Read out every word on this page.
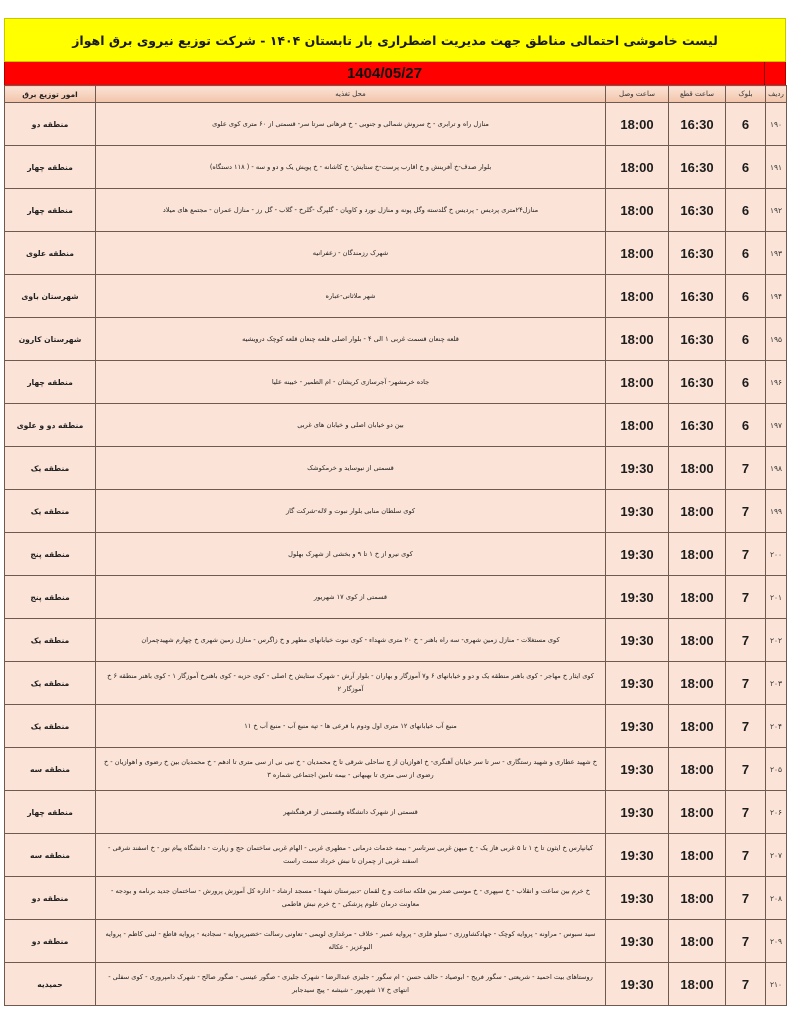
لیست خاموشی احتمالی مناطق جهت مدیریت اضطراری بار تابستان ۱۴۰۴ - شرکت توزیع نیروی برق اهواز
1404/05/27
ردیف	بلوک	ساعت قطع	ساعت وصل	محل تغذیه	امور توزیع برق
۱۹۰	6	16:30	18:00	منازل راه و ترابری - خ سروش شمالی و جنوبی - خ فرهانی سرتا سر- قسمتی از ۶۰ متری کوی علوی	منطقه دو
۱۹۱	6	16:30	18:00	بلوار صدف-خ آفرینش و خ اقارب پرست-خ ستایش- خ کاشانه - خ پویش یک و دو و سه - ( ۱۱۸ دستگاه)	منطقه چهار
۱۹۲	6	16:30	18:00	منازل۲۴متری پردیس - پردیس خ گلدسته وگل پونه و منازل نورد و کاویان - گلپرگ -گلرخ - گلاب - گل رز - منازل عمران - مجتمع های میلاد	منطقه چهار
۱۹۳	6	16:30	18:00	شهرک رزمندگان - زعفرانیه	منطقه علوی
۱۹۴	6	16:30	18:00	شهر ملاثانی-عباره	شهرستان باوی
۱۹۵	6	16:30	18:00	قلعه چنعان قسمت غربی ۱ الی ۴ - بلوار اصلی قلعه چنعان قلعه کوچک درویشیه	شهرستان کارون
۱۹۶	6	16:30	18:00	جاده خرمشهر- آجرسازی کریشان - ام الطمیر - خیینه علیا	منطقه چهار
۱۹۷	6	16:30	18:00	بین دو خیابان اصلی و خیابان های غربی	منطقه دو و علوی
۱۹۸	7	18:00	19:30	قسمتی از نیوساید و خرمکوشک	منطقه یک
۱۹۹	7	18:00	19:30	کوی سلطان منابی بلوار نبوت و لاله-شرکت گاز	منطقه یک
۲۰۰	7	18:00	19:30	کوی نیرو از خ ۱ تا ۹ و بخشی از شهرک بهلول	منطقه پنج
۲۰۱	7	18:00	19:30	قسمتی از کوی ۱۷ شهریور	منطقه پنج
۲۰۲	7	18:00	19:30	کوی مستغلات - منازل زمین شهری- سه راه باهنر - خ ۲۰ متری شهداء - کوی نبوت خیابانهای مطهر و خ زاگرس - منازل زمین شهری خ چهارم شهیدچمران	منطقه یک
۲۰۳	7	18:00	19:30	کوی ایثار خ مهاجر - کوی باهنر منطقه یک و دو و خیابانهای ۶ و۷ آموزگار و بهاران - بلوار آرش - شهرک ستایش خ اصلی - کوی حزبه - کوی باهنرخ آموزگار ۱ - کوی باهنر منطقه ۶ خ آموزگار ۲	منطقه یک
۲۰۴	7	18:00	19:30	منبع آب خیابانهای ۱۲ متری اول ودوم با فرعی ها - تپه منبع آب - منبع آب خ ۱۱	منطقه یک
۲۰۵	7	18:00	19:30	خ شهید عطاری و شهید رستگاری - سر تا سر خیابان آهنگری- خ اهوازیان از چ ساحلی شرقی تا خ محمدیان - خ نبی نی از سی متری تا ادهم - خ محمدیان بین خ رضوی و اهوازیان - خ رضوی از سی متری تا بهبهانی - بیمه تامین اجتماعی شماره ۳	منطقه سه
۲۰۶	7	18:00	19:30	قسمتی از شهرک دانشگاه وقسمتی از فرهنگشهر	منطقه چهار
۲۰۷	7	18:00	19:30	کیانپارس خ ایثون تا خ ۱ تا ۵ غربی فاز یک - خ میهن غربی سرتاسر - بیمه خدمات درمانی - مطهری غربی - الهام غربی ساختمان حج و زیارت - دانشگاه پیام نور - خ اسفند شرقی - اسفند غربی از چمران تا نبش خرداد سمت راست	منطقه سه
۲۰۸	7	18:00	19:30	خ خرم بین ساعت و انقلاب - خ سپهری - خ موسی صدر بین فلکه ساعت و خ لقمان -دبیرستان شهدا - مسجد ارشاد - اداره کل آموزش پرورش - ساختمان جدید برنامه و بودجه - معاونت درمان علوم پزشکی - خ خرم نبش فاطمی	منطقه دو
۲۰۹	7	18:00	19:30	سید سبوس - مراونه - پروایه کوچک - جهادکشاورزی - سیلو فلزی - پروایه عمیر - خلاف - مرغداری لویمی - تعاونی رسالت -خضیرپروایه - سجادیه - پروایه قاطع - لبنی کاظم - پروایه البوعزیز - عکاله	منطقه دو
۲۱۰	7	18:00	19:30	روستاهای بیت احمید - شریعتی - سگور فریح - ابوصیاد - حالف حسن - ام سگور - جلیزی عبدالرضا - شهرک جلیزی - صگور عیسی - صگور صالح - شهرک دامپروری - کوی سفلی - انتهای خ ۱۷ شهریور - شیشه - پیچ سیدجابر	حمیدیه
